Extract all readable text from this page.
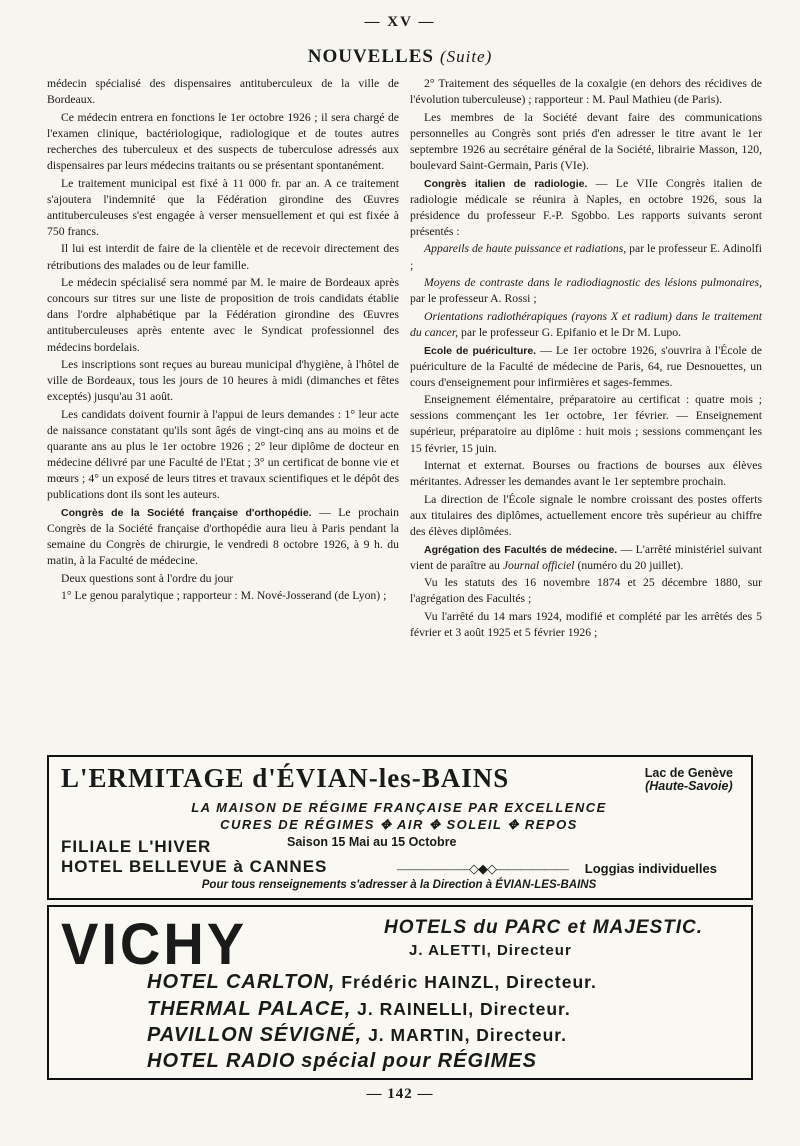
— XV —
NOUVELLES (Suite)

médecin spécialisé des dispensaires antituberculeux de la ville de Bordeaux.

Ce médecin entrera en fonctions le 1er octobre 1926 ; il sera chargé de l'examen clinique, bactériologique, radiologique et de toutes autres recherches des tuberculeux et des suspects de tuberculose adressés aux dispensaires par leurs médecins traitants ou se présentant spontanément.

Le traitement municipal est fixé à 11 000 fr. par an. A ce traitement s'ajoutera l'indemnité que la Fédération girondine des Œuvres antituberculeuses s'est engagée à verser mensuellement et qui est fixée à 750 francs.

Il lui est interdit de faire de la clientèle et de recevoir directement des rétributions des malades ou de leur famille.

Le médecin spécialisé sera nommé par M. le maire de Bordeaux après concours sur titres sur une liste de proposition de trois candidats établie dans l'ordre alphabétique par la Fédération girondine des Œuvres antituberculeuses après entente avec le Syndicat professionnel des médecins bordelais.

Les inscriptions sont reçues au bureau municipal d'hygiène, à l'hôtel de ville de Bordeaux, tous les jours de 10 heures à midi (dimanches et fêtes exceptés) jusqu'au 31 août.

Les candidats doivent fournir à l'appui de leurs demandes : 1° leur acte de naissance constatant qu'ils sont âgés de vingt-cinq ans au moins et de quarante ans au plus le 1er octobre 1926 ; 2° leur diplôme de docteur en médecine délivré par une Faculté de l'Etat ; 3° un certificat de bonne vie et mœurs ; 4° un exposé de leurs titres et travaux scientifiques et le dépôt des publications dont ils sont les auteurs.

Congrès de la Société française d'orthopédie. — Le prochain Congrès de la Société française d'orthopédie aura lieu à Paris pendant la semaine du Congrès de chirurgie, le vendredi 8 octobre 1926, à 9 h. du matin, à la Faculté de médecine.

Deux questions sont à l'ordre du jour

1° Le genou paralytique ; rapporteur : M. Nové-Josserand (de Lyon) ;

2° Traitement des séquelles de la coxalgie (en dehors des récidives de l'évolution tuberculeuse) ; rapporteur : M. Paul Mathieu (de Paris).

Les membres de la Société devant faire des communications personnelles au Congrès sont priés d'en adresser le titre avant le 1er septembre 1926 au secrétaire général de la Société, librairie Masson, 120, boulevard Saint-Germain, Paris (VIe).

Congrès italien de radiologie. — Le VIIe Congrès italien de radiologie médicale se réunira à Naples, en octobre 1926, sous la présidence du professeur F.-P. Sgobbo. Les rapports suivants seront présentés :

Appareils de haute puissance et radiations, par le professeur E. Adinolfi ;

Moyens de contraste dans le radiodiagnostic des lésions pulmonaires, par le professeur A. Rossi ;

Orientations radiothérapiques (rayons X et radium) dans le traitement du cancer, par le professeur G. Epifanio et le Dr M. Lupo.

Ecole de puériculture. — Le 1er octobre 1926, s'ouvrira à l'École de puériculture de la Faculté de médecine de Paris, 64, rue Desnouettes, un cours d'enseignement pour infirmières et sages-femmes.

Enseignement élémentaire, préparatoire au certificat : quatre mois ; sessions commençant les 1er octobre, 1er février. — Enseignement supérieur, préparatoire au diplôme : huit mois ; sessions commençant les 15 février, 15 juin.

Internat et externat. Bourses ou fractions de bourses aux élèves méritantes. Adresser les demandes avant le 1er septembre prochain.

La direction de l'École signale le nombre croissant des postes offerts aux titulaires des diplômes, actuellement encore très supérieur au chiffre des élèves diplômées.

Agrégation des Facultés de médecine. — L'arrêté ministériel suivant vient de paraître au Journal officiel (numéro du 20 juillet).

Vu les statuts des 16 novembre 1874 et 25 décembre 1880, sur l'agrégation des Facultés ;

Vu l'arrêté du 14 mars 1924, modifié et complété par les arrêtés des 5 février et 3 août 1925 et 5 février 1926 ;

L'ERMITAGE d'ÉVIAN-les-BAINS	Lac de Genève
(Haute-Savoie)
LA MAISON DE RÉGIME FRANÇAISE PAR EXCELLENCE
CURES DE RÉGIMES ✥ AIR ✥ SOLEIL ✥ REPOS
Saison 15 Mai au 15 Octobre
FILIALE L'HIVER
HOTEL BELLEVUE à CANNES	——————◇◆◇—————— Loggias individuelles
Pour tous renseignements s'adresser à la Direction à ÉVIAN-LES-BAINS
VICHY	HOTELS du PARC et MAJESTIC.
J. ALETTI, Directeur
HOTEL CARLTON, Frédéric HAINZL, Directeur.
THERMAL PALACE, J. RAINELLI, Directeur.
PAVILLON SÉVIGNÉ, J. MARTIN, Directeur.
HOTEL RADIO spécial pour RÉGIMES
— 142 —
